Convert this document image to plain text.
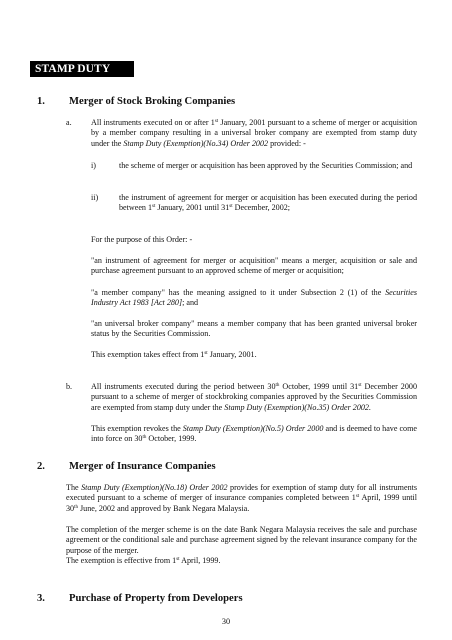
STAMP DUTY
1. Merger of Stock Broking Companies
a. All instruments executed on or after 1st January, 2001 pursuant to a scheme of merger or acquisition by a member company resulting in a universal broker company are exempted from stamp duty under the Stamp Duty (Exemption)(No.34) Order 2002 provided: -
i)	the scheme of merger or acquisition has been approved by the Securities Commission; and
ii)	the instrument of agreement for merger or acquisition has been executed during the period between 1st January, 2001 until 31st December, 2002;
For the purpose of this Order: -
"an instrument of agreement for merger or acquisition" means a merger, acquisition or sale and purchase agreement pursuant to an approved scheme of merger or acquisition;
"a member company" has the meaning assigned to it under Subsection 2 (1) of the Securities Industry Act 1983 [Act 280]; and
"an universal broker company" means a member company that has been granted universal broker status by the Securities Commission.
This exemption takes effect from 1st January, 2001.
b. All instruments executed during the period between 30th October, 1999 until 31st December 2000 pursuant to a scheme of merger of stockbroking companies approved by the Securities Commission are exempted from stamp duty under the Stamp Duty (Exemption)(No.35) Order 2002.
This exemption revokes the Stamp Duty (Exemption)(No.5) Order 2000 and is deemed to have come into force on 30th October, 1999.
2. Merger of Insurance Companies
The Stamp Duty (Exemption)(No.18) Order 2002 provides for exemption of stamp duty for all instruments executed pursuant to a scheme of merger of insurance companies completed between 1st April, 1999 until 30th June, 2002 and approved by Bank Negara Malaysia.
The completion of the merger scheme is on the date Bank Negara Malaysia receives the sale and purchase agreement or the conditional sale and purchase agreement signed by the relevant insurance company for the purpose of the merger.
The exemption is effective from 1st April, 1999.
3. Purchase of Property from Developers
30
